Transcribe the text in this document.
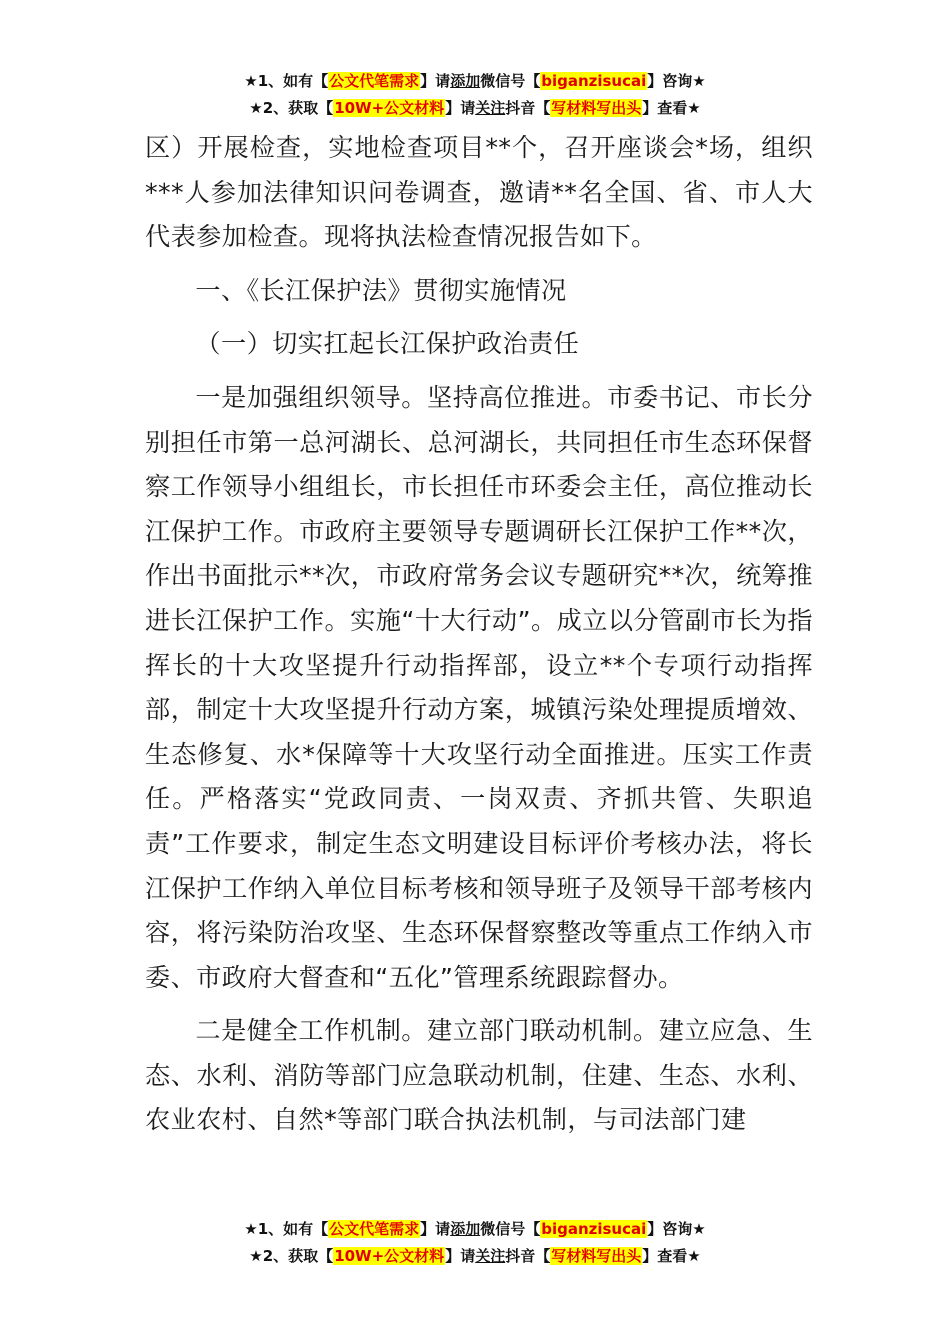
★1、如有【公文代笔需求】请添加微信号【biganzisucai】咨询★
★2、获取【10W+公文材料】请关注抖音【写材料写出头】查看★

区）开展检查，实地检查项目**个，召开座谈会*场，组织***人参加法律知识问卷调查，邀请**名全国、省、市人大代表参加检查。现将执法检查情况报告如下。

一、《长江保护法》贯彻实施情况

（一）切实扛起长江保护政治责任

一是加强组织领导。坚持高位推进。市委书记、市长分别担任市第一总河湖长、总河湖长，共同担任市生态环保督察工作领导小组组长，市长担任市环委会主任，高位推动长江保护工作。市政府主要领导专题调研长江保护工作**次，作出书面批示**次，市政府常务会议专题研究**次，统筹推进长江保护工作。实施“十大行动”。成立以分管副市长为指挥长的十大攻坚提升行动指挥部，设立**个专项行动指挥部，制定十大攻坚提升行动方案，城镇污染处理提质增效、生态修复、水*保障等十大攻坚行动全面推进。压实工作责任。严格落实“党政同责、一岗双责、齐抓共管、失职追责”工作要求，制定生态文明建设目标评价考核办法，将长江保护工作纳入单位目标考核和领导班子及领导干部考核内容，将污染防治攻坚、生态环保督察整改等重点工作纳入市委、市政府大督查和“五化”管理系统跟踪督办。

二是健全工作机制。建立部门联动机制。建立应急、生态、水利、消防等部门应急联动机制，住建、生态、水利、农业农村、自然*等部门联合执法机制，与司法部门建

★1、如有【公文代笔需求】请添加微信号【biganzisucai】咨询★
★2、获取【10W+公文材料】请关注抖音【写材料写出头】查看★
